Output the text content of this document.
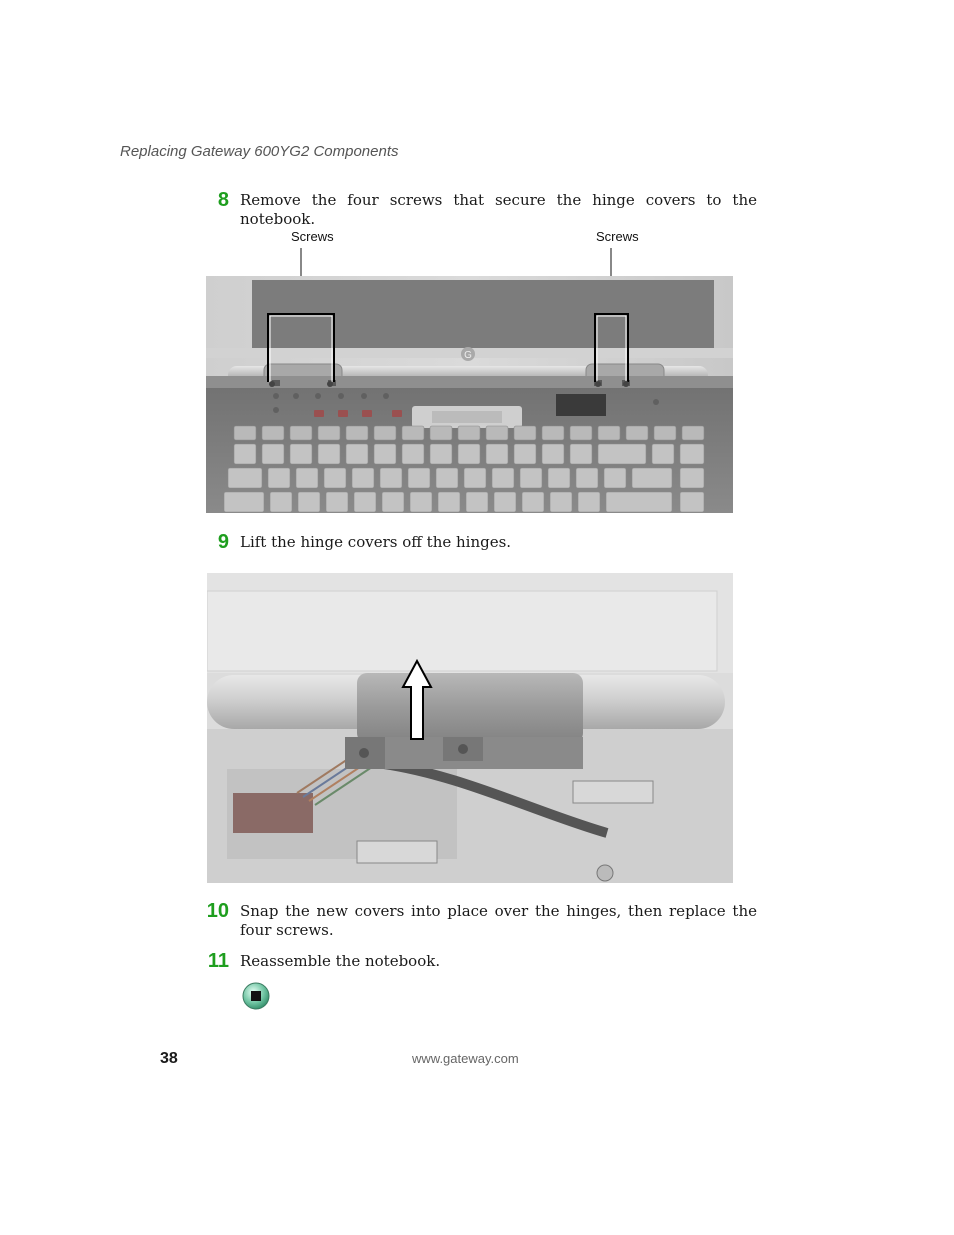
Replacing Gateway 600YG2 Components
8 Remove the four screws that secure the hinge covers to the notebook.
Screws	Screws
G
9 Lift the hinge covers off the hinges.
10 Snap the new covers into place over the hinges, then replace the four screws.
11 Reassemble the notebook.
38	www.gateway.com
